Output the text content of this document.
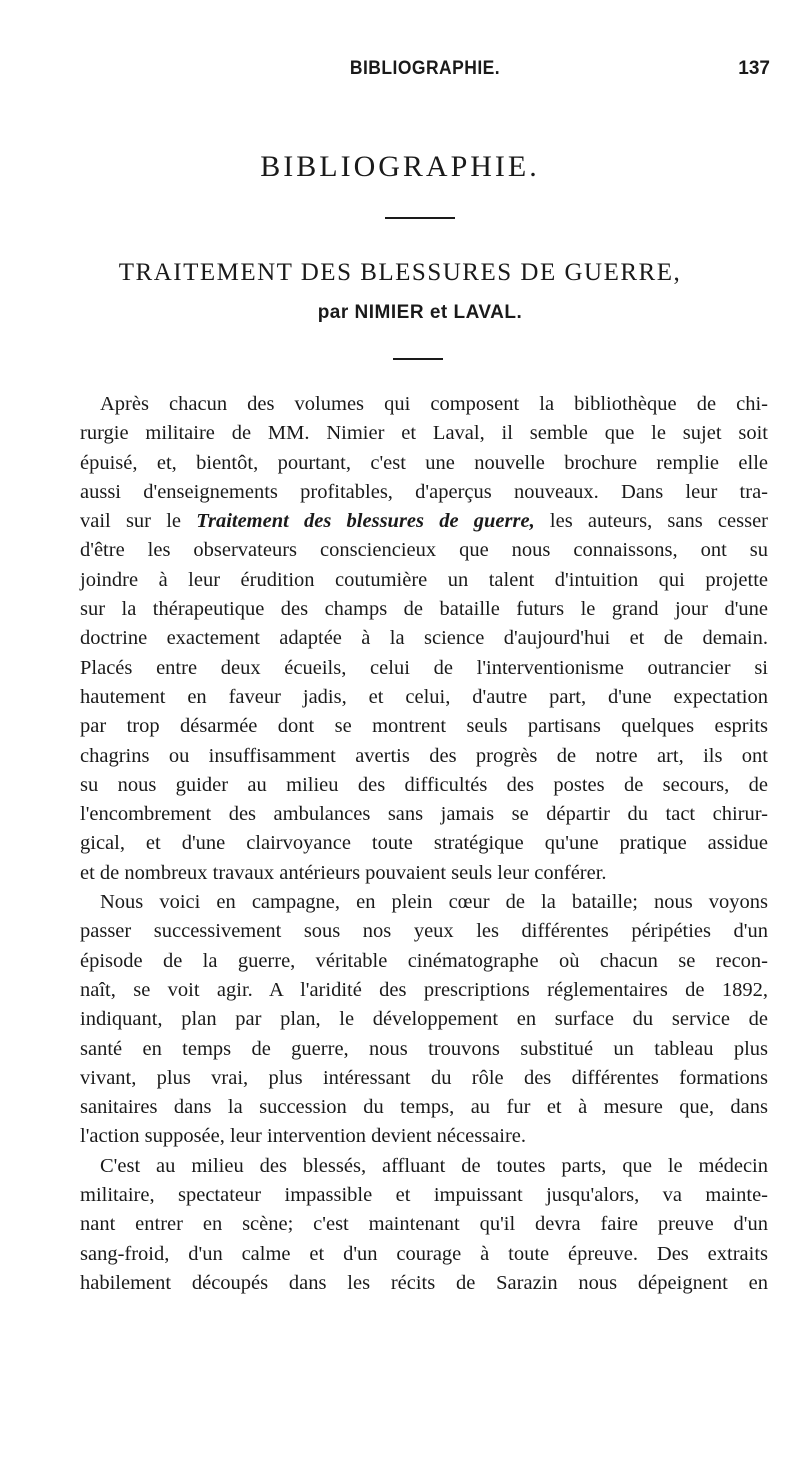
BIBLIOGRAPHIE.	137
BIBLIOGRAPHIE.
TRAITEMENT DES BLESSURES DE GUERRE,
par NIMIER et LAVAL.
Après chacun des volumes qui composent la bibliothèque de chi-
rurgie militaire de MM. Nimier et Laval, il semble que le sujet soit
épuisé, et, bientôt, pourtant, c'est une nouvelle brochure remplie elle
aussi d'enseignements profitables, d'aperçus nouveaux. Dans leur tra-
vail sur le Traitement des blessures de guerre, les auteurs, sans cesser
d'être les observateurs consciencieux que nous connaissons, ont su
joindre à leur érudition coutumière un talent d'intuition qui projette
sur la thérapeutique des champs de bataille futurs le grand jour d'une
doctrine exactement adaptée à la science d'aujourd'hui et de demain.
Placés entre deux écueils, celui de l'interventionisme outrancier si
hautement en faveur jadis, et celui, d'autre part, d'une expectation
par trop désarmée dont se montrent seuls partisans quelques esprits
chagrins ou insuffisamment avertis des progrès de notre art, ils ont
su nous guider au milieu des difficultés des postes de secours, de
l'encombrement des ambulances sans jamais se départir du tact chirur-
gical, et d'une clairvoyance toute stratégique qu'une pratique assidue
et de nombreux travaux antérieurs pouvaient seuls leur conférer.
Nous voici en campagne, en plein cœur de la bataille; nous voyons
passer successivement sous nos yeux les différentes péripéties d'un
épisode de la guerre, véritable cinématographe où chacun se recon-
naît, se voit agir. A l'aridité des prescriptions réglementaires de 1892,
indiquant, plan par plan, le développement en surface du service de
santé en temps de guerre, nous trouvons substitué un tableau plus
vivant, plus vrai, plus intéressant du rôle des différentes formations
sanitaires dans la succession du temps, au fur et à mesure que, dans
l'action supposée, leur intervention devient nécessaire.
C'est au milieu des blessés, affluant de toutes parts, que le médecin
militaire, spectateur impassible et impuissant jusqu'alors, va mainte-
nant entrer en scène; c'est maintenant qu'il devra faire preuve d'un
sang-froid, d'un calme et d'un courage à toute épreuve. Des extraits
habilement découpés dans les récits de Sarazin nous dépeignent en
